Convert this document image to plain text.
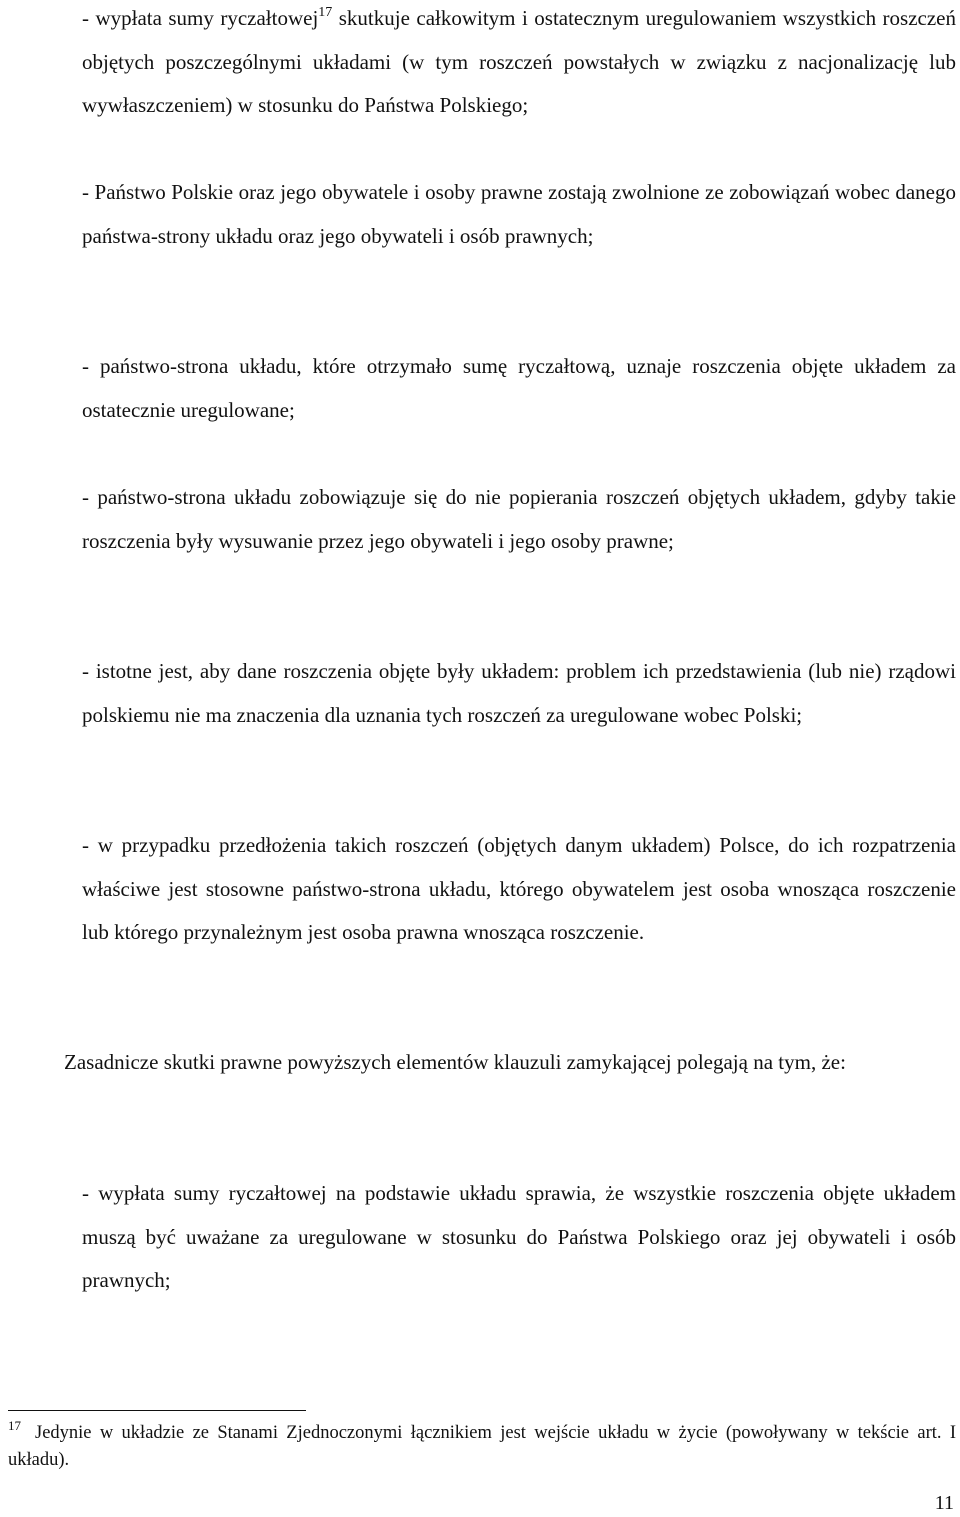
- wypłata sumy ryczałtowej$^{17}$ skutkuje całkowitym i ostatecznym uregulowaniem wszystkich roszczeń objętych poszczególnymi układami (w tym roszczeń powstałych w związku z nacjonalizację lub wywłaszczeniem) w stosunku do Państwa Polskiego;
- Państwo Polskie oraz jego obywatele i osoby prawne zostają zwolnione ze zobowiązań wobec danego państwa-strony układu oraz jego obywateli i osób prawnych;
- państwo-strona układu, które otrzymało sumę ryczałtową, uznaje roszczenia objęte układem za ostatecznie uregulowane;
- państwo-strona układu zobowiązuje się do nie popierania roszczeń objętych układem, gdyby takie roszczenia były wysuwanie przez jego obywateli i jego osoby prawne;
- istotne jest, aby dane roszczenia objęte były układem: problem ich przedstawienia (lub nie) rządowi polskiemu nie ma znaczenia dla uznania tych roszczeń za uregulowane wobec Polski;
- w przypadku przedłożenia takich roszczeń (objętych danym układem) Polsce, do ich rozpatrzenia właściwe jest stosowne państwo-strona układu, którego obywatelem jest osoba wnosząca roszczenie lub którego przynależnym jest osoba prawna wnosząca roszczenie.
Zasadnicze skutki prawne powyższych elementów klauzuli zamykającej polegają na tym, że:
- wypłata sumy ryczałtowej na podstawie układu sprawia, że wszystkie roszczenia objęte układem muszą być uważane za uregulowane w stosunku do Państwa Polskiego oraz jej obywateli i osób prawnych;
$^{17}$ Jedynie w układzie ze Stanami Zjednoczonymi łącznikiem jest wejście układu w życie (powoływany w tekście art. I układu).
11
